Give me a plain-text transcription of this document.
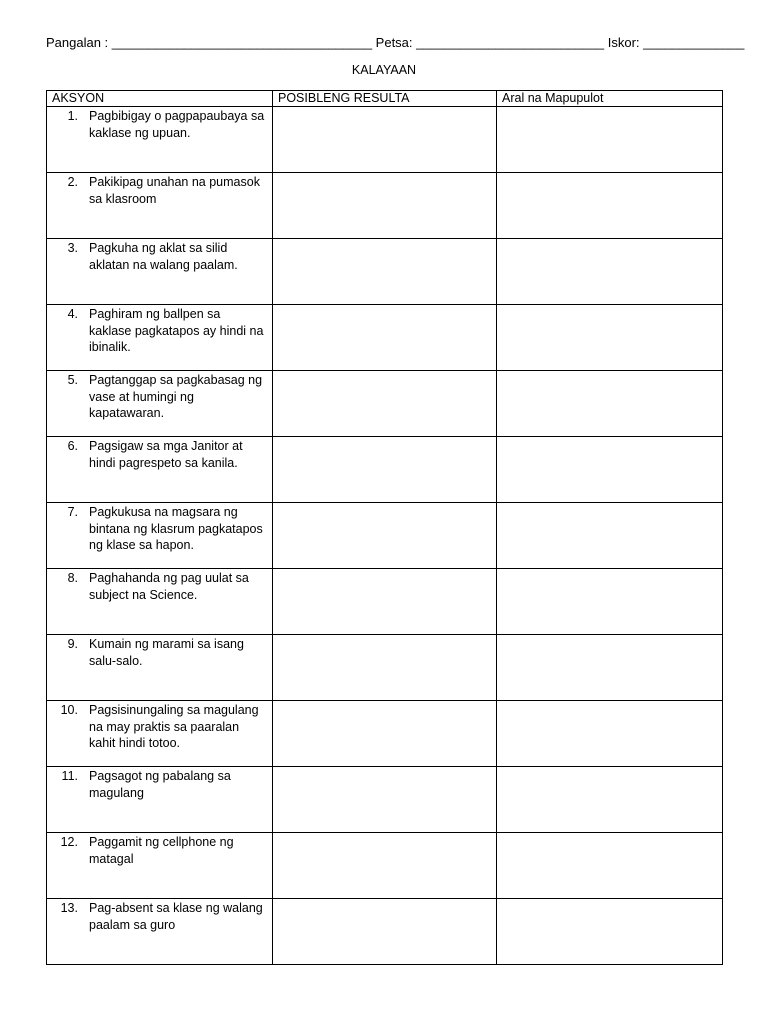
Pangalan : ____________________________________ Petsa: __________________________ Iskor: ______________
KALAYAAN
AKSYON	POSIBLENG RESULTA	Aral na Mapupulot

1. Pagbibigay o pagpapaubaya sa kaklase ng upuan.		

2. Pakikipag unahan na pumasok sa klasroom		

3. Pagkuha ng aklat sa silid aklatan na walang paalam.		

4. Paghiram ng ballpen sa kaklase pagkatapos ay hindi na ibinalik.		

5. Pagtanggap sa pagkabasag ng vase at humingi ng kapatawaran.		

6. Pagsigaw sa mga Janitor at hindi pagrespeto sa kanila.		

7. Pagkukusa na magsara ng bintana ng klasrum pagkatapos ng klase sa hapon.		

8. Paghahanda ng pag uulat sa subject na Science.		

9. Kumain ng marami sa isang salu-salo.		

10. Pagsisinungaling sa magulang na may praktis sa paaralan kahit hindi totoo.		

11. Pagsagot ng pabalang sa magulang		

12. Paggamit ng cellphone ng matagal		

13. Pag-absent sa klase ng walang paalam sa guro		
